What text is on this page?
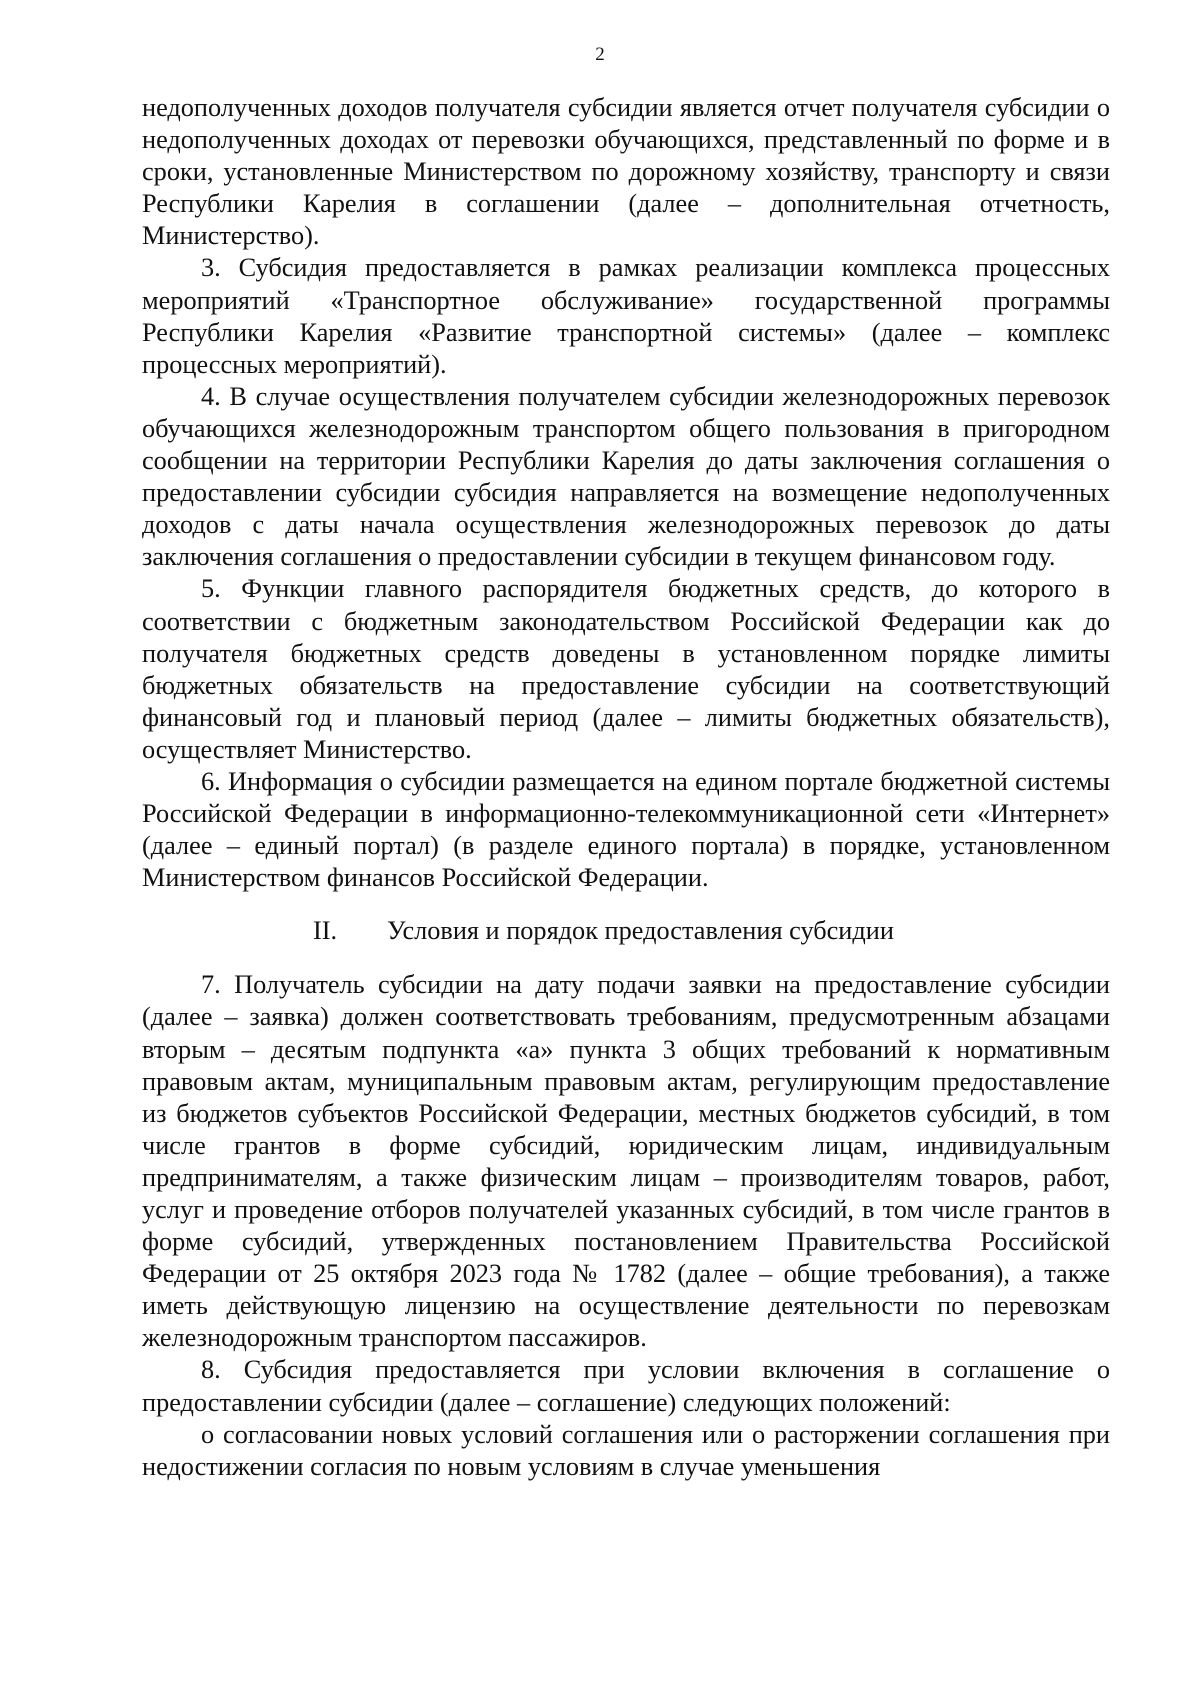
2

недополученных доходов получателя субсидии является отчет получателя субсидии о недополученных доходах от перевозки обучающихся, представленный по форме и в сроки, установленные Министерством по дорожному хозяйству, транспорту и связи Республики Карелия в соглашении (далее – дополнительная отчетность, Министерство).

3. Субсидия предоставляется в рамках реализации комплекса процессных мероприятий «Транспортное обслуживание» государственной программы Республики Карелия «Развитие транспортной системы» (далее – комплекс процессных мероприятий).

4. В случае осуществления получателем субсидии железнодорожных перевозок обучающихся железнодорожным транспортом общего пользования в пригородном сообщении на территории Республики Карелия до даты заключения соглашения о предоставлении субсидии субсидия направляется на возмещение недополученных доходов с даты начала осуществления железнодорожных перевозок до даты заключения соглашения о предоставлении субсидии в текущем финансовом году.

5. Функции главного распорядителя бюджетных средств, до которого в соответствии с бюджетным законодательством Российской Федерации как до получателя бюджетных средств доведены в установленном порядке лимиты бюджетных обязательств на предоставление субсидии на соответствующий финансовый год и плановый период (далее – лимиты бюджетных обязательств), осуществляет Министерство.

6. Информация о субсидии размещается на едином портале бюджетной системы Российской Федерации в информационно-телекоммуникационной сети «Интернет» (далее – единый портал) (в разделе единого портала) в порядке, установленном Министерством финансов Российской Федерации.

II. Условия и порядок предоставления субсидии

7. Получатель субсидии на дату подачи заявки на предоставление субсидии (далее – заявка) должен соответствовать требованиям, предусмотренным абзацами вторым – десятым подпункта «а» пункта 3 общих требований к нормативным правовым актам, муниципальным правовым актам, регулирующим предоставление из бюджетов субъектов Российской Федерации, местных бюджетов субсидий, в том числе грантов в форме субсидий, юридическим лицам, индивидуальным предпринимателям, а также физическим лицам – производителям товаров, работ, услуг и проведение отборов получателей указанных субсидий, в том числе грантов в форме субсидий, утвержденных постановлением Правительства Российской Федерации от 25 октября 2023 года № 1782 (далее – общие требования), а также иметь действующую лицензию на осуществление деятельности по перевозкам железнодорожным транспортом пассажиров.

8. Субсидия предоставляется при условии включения в соглашение о предоставлении субсидии (далее – соглашение) следующих положений:

о согласовании новых условий соглашения или о расторжении соглашения при недостижении согласия по новым условиям в случае уменьшения
